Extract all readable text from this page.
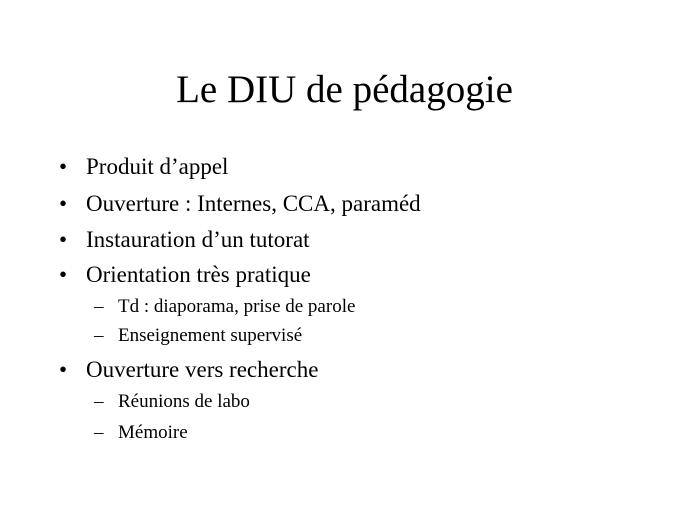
Le DIU de pédagogie
• Produit d’appel
• Ouverture : Internes, CCA, paraméd
• Instauration d’un tutorat
• Orientation très pratique
– Td : diaporama, prise de parole
– Enseignement supervisé
• Ouverture vers recherche
– Réunions de labo
– Mémoire
